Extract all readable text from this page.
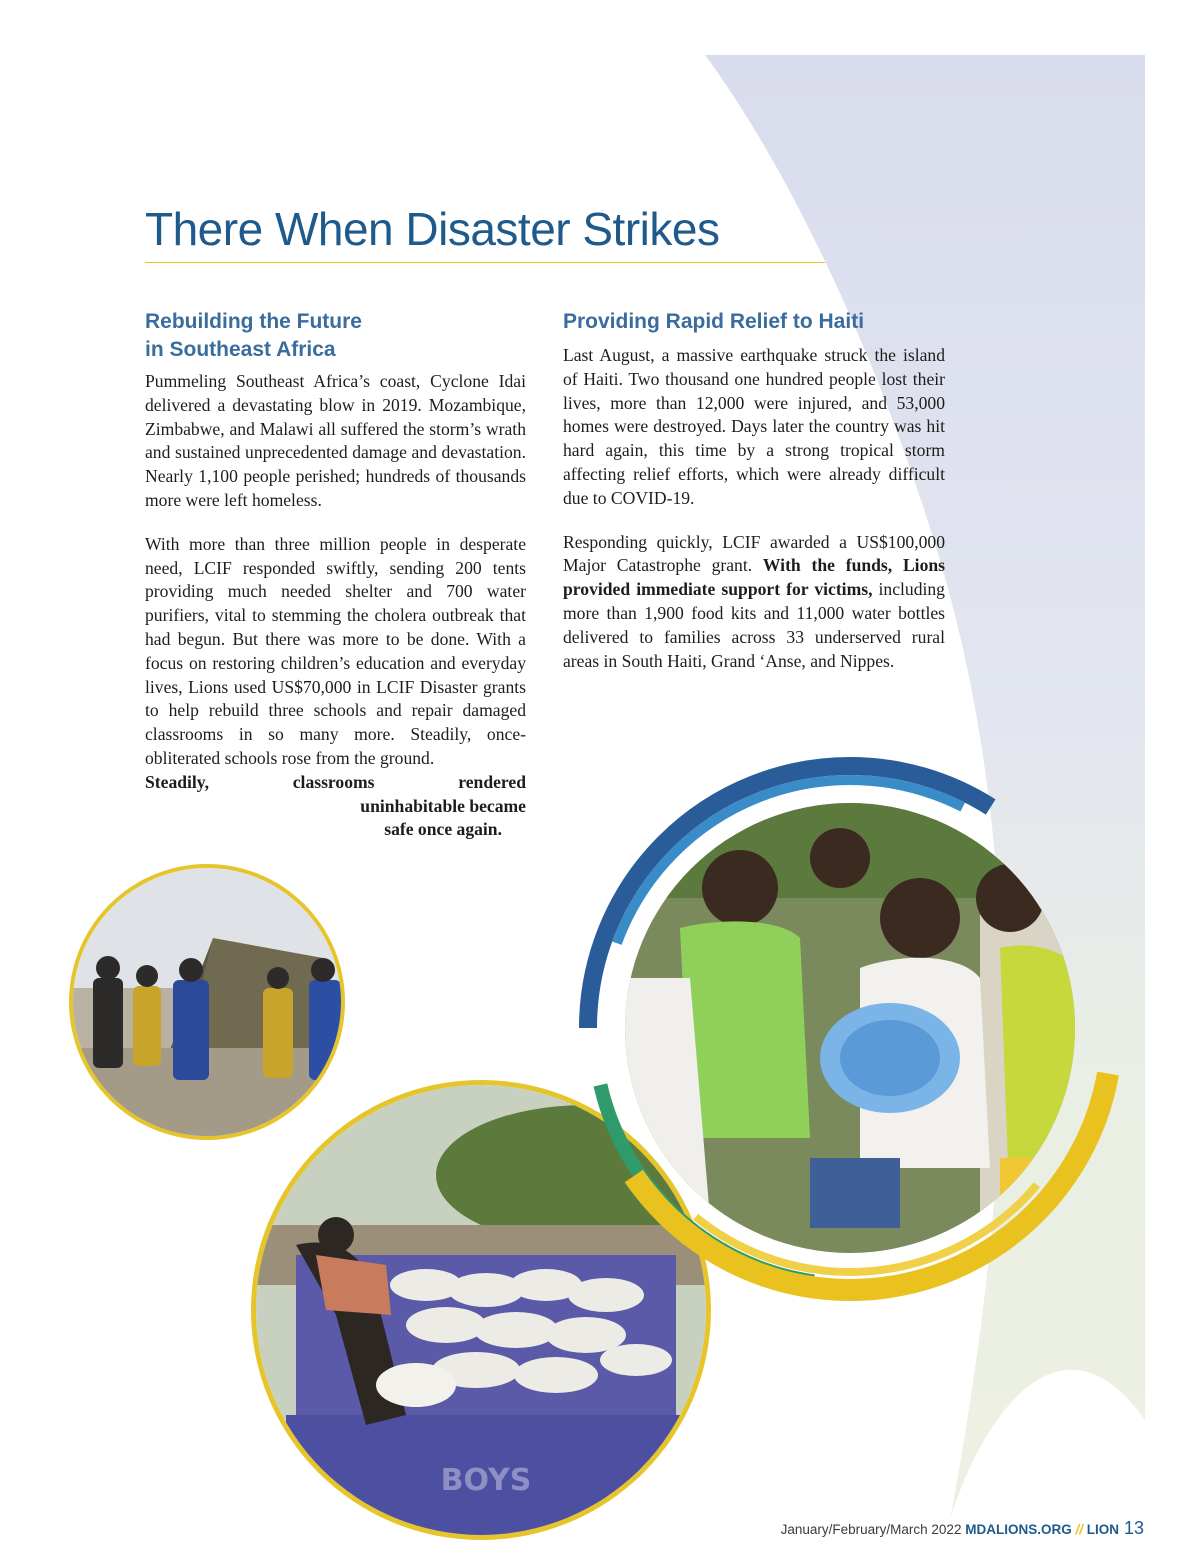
There When Disaster Strikes
Rebuilding the Future
in Southeast Africa

Pummeling Southeast Africa’s coast, Cyclone Idai delivered a devastating blow in 2019. Mozambique, Zimbabwe, and Malawi all suffered the storm’s wrath and sustained unprecedented damage and devastation. Nearly 1,100 people perished; hundreds of thousands more were left homeless.

With more than three million people in desperate need, LCIF responded swiftly, sending 200 tents providing much needed shelter and 700 water purifiers, vital to stemming the cholera outbreak that had begun. But there was more to be done. With a focus on restoring children’s education and everyday lives, Lions used US$70,000 in LCIF Disaster grants to help rebuild three schools and repair damaged classrooms in so many more. Steadily, once-obliterated schools rose from the ground.

Steadily, classrooms rendered
uninhabitable became
safe once again.
Providing Rapid Relief to Haiti

Last August, a massive earthquake struck the island of Haiti. Two thousand one hundred people lost their lives, more than 12,000 were injured, and 53,000 homes were destroyed. Days later the country was hit hard again, this time by a strong tropical storm affecting relief efforts, which were already difficult due to COVID-19.

Responding quickly, LCIF awarded a US$100,000 Major Catastrophe grant. With the funds, Lions provided immediate support for victims, including more than 1,900 food kits and 11,000 water bottles delivered to families across 33 underserved rural areas in South Haiti, Grand ‘Anse, and Nippes.

BOYS
January/February/March 2022 MDALIONS.ORG // LION 13
